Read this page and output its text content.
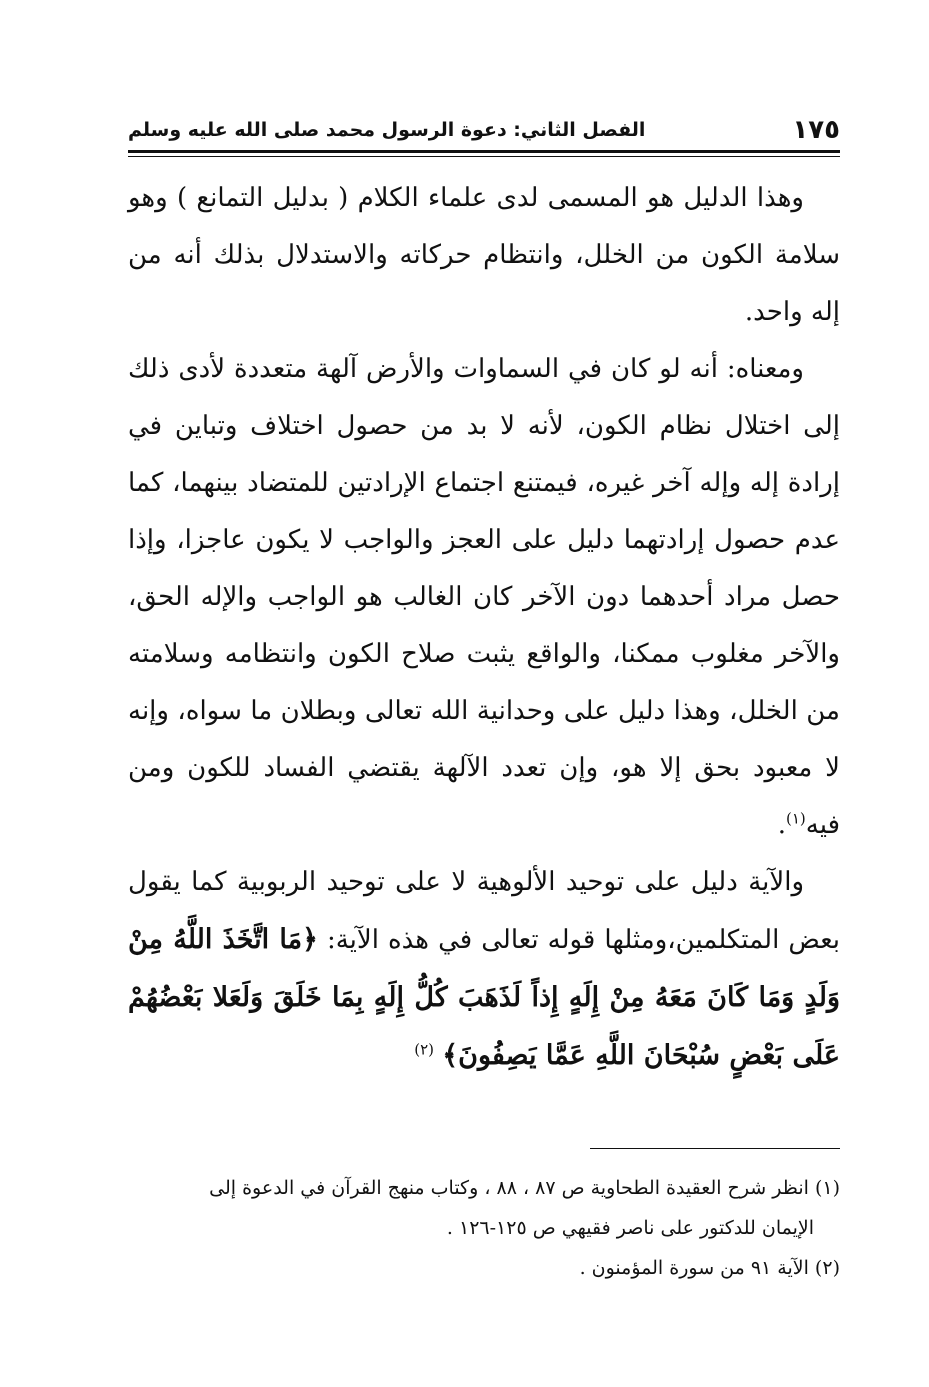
١٧٥
الفصل الثاني: دعوة الرسول محمد صلى الله عليه وسلم

وهذا الدليل هو المسمى لدى علماء الكلام ( بدليل التمانع ) وهو سلامة الكون من الخلل، وانتظام حركاته والاستدلال بذلك أنه من إله واحد.

ومعناه: أنه لو كان في السماوات والأرض آلهة متعددة لأدى ذلك إلى اختلال نظام الكون، لأنه لا بد من حصول اختلاف وتباين في إرادة إله وإله آخر غيره، فيمتنع اجتماع الإرادتين للمتضاد بينهما، كما عدم حصول إرادتهما دليل على العجز والواجب لا يكون عاجزا، وإذا حصل مراد أحدهما دون الآخر كان الغالب هو الواجب والإله الحق، والآخر مغلوب ممكنا، والواقع يثبت صلاح الكون وانتظامه وسلامته من الخلل، وهذا دليل على وحدانية الله تعالى وبطلان ما سواه، وإنه لا معبود بحق إلا هو، وإن تعدد الآلهة يقتضي الفساد للكون ومن فيه$^{(١)}$.

والآية دليل على توحيد الألوهية لا على توحيد الربوبية كما يقول بعض المتكلمين،ومثلها قوله تعالى في هذه الآية: ﴿مَا اتَّخَذَ اللَّهُ مِنْ وَلَدٍ وَمَا كَانَ مَعَهُ مِنْ إِلَهٍ إِذاً لَذَهَبَ كُلُّ إِلَهٍ بِمَا خَلَقَ وَلَعَلا بَعْضُهُمْ عَلَى بَعْضٍ سُبْحَانَ اللَّهِ عَمَّا يَصِفُونَ﴾ $^{(٢)}$

(١) انظر شرح العقيدة الطحاوية ص ٨٧ ، ٨٨ ، وكتاب منهج القرآن في الدعوة إلى

الإيمان للدكتور على ناصر فقيهي ص ١٢٥-١٢٦ .

(٢) الآية ٩١ من سورة المؤمنون .
